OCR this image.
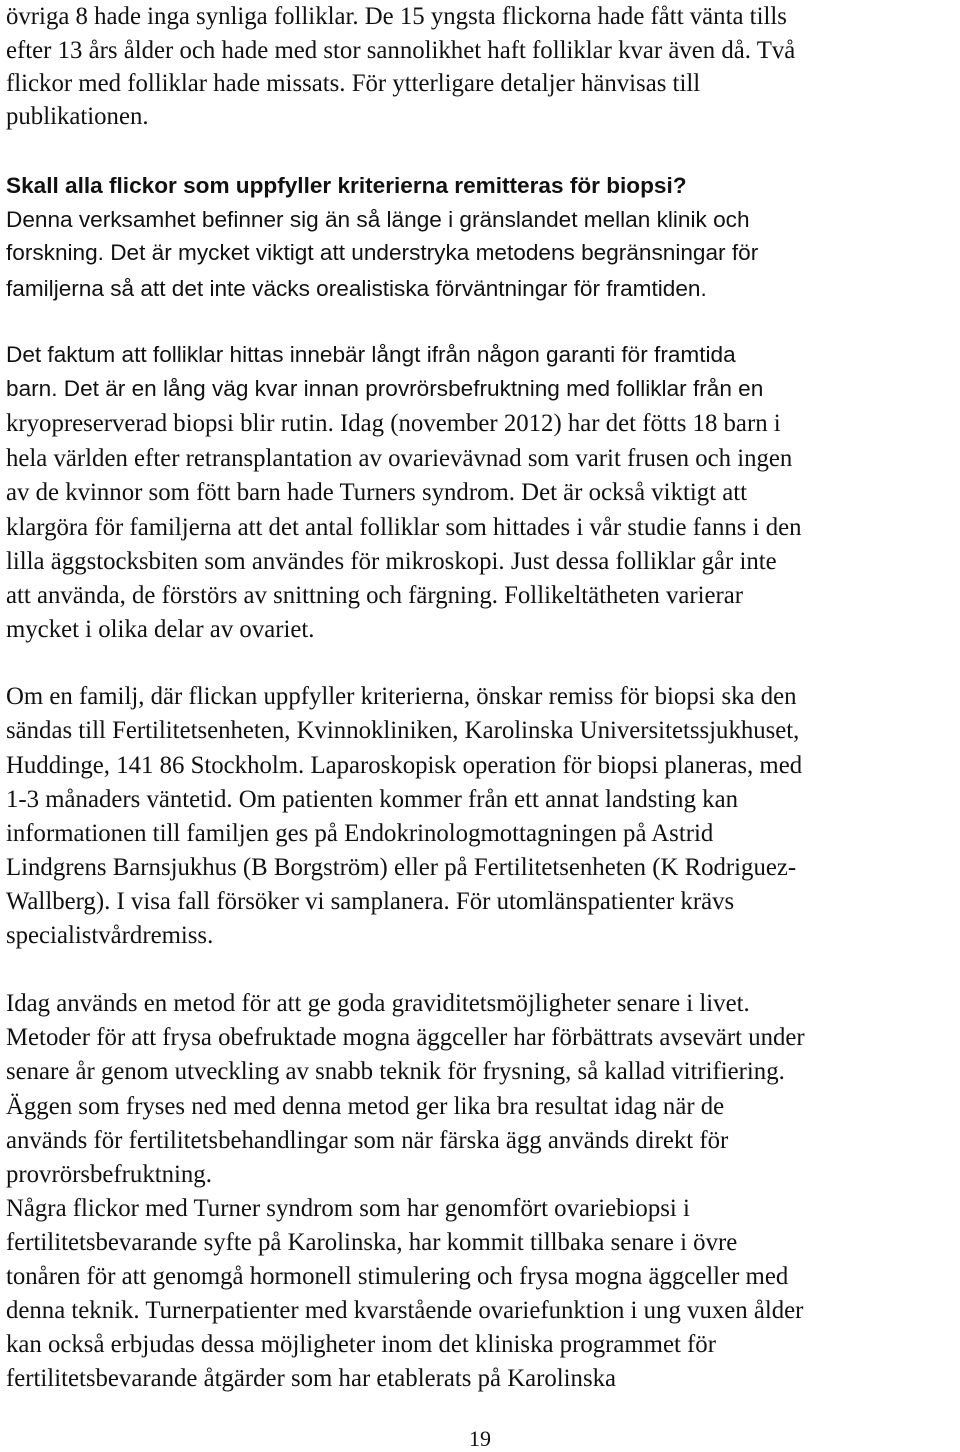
övriga 8 hade inga synliga folliklar. De 15 yngsta flickorna hade fått vänta tills
efter 13 års ålder och hade med stor sannolikhet haft folliklar kvar även då. Två
flickor med folliklar hade missats. För ytterligare detaljer hänvisas till
publikationen.
Skall alla flickor som uppfyller kriterierna remitteras för biopsi?
Denna verksamhet befinner sig än så länge i gränslandet mellan klinik och
forskning. Det är mycket viktigt att understryka metodens begränsningar för
familjerna så att det inte väcks orealistiska förväntningar för framtiden.
Det faktum att folliklar hittas innebär långt ifrån någon garanti för framtida
barn. Det är en lång väg kvar innan provrörsbefruktning med folliklar från en
kryopreserverad biopsi blir rutin. Idag (november 2012) har det fötts 18 barn i
hela världen efter retransplantation av ovarievävnad som varit frusen och ingen
av de kvinnor som fött barn hade Turners syndrom. Det är också viktigt att
klargöra för familjerna att det antal folliklar som hittades i vår studie fanns i den
lilla äggstocksbiten som användes för mikroskopi. Just dessa folliklar går inte
att använda, de förstörs av snittning och färgning. Follikeltätheten varierar
mycket i olika delar av ovariet.
Om en familj, där flickan uppfyller kriterierna, önskar remiss för biopsi ska den
sändas till Fertilitetsenheten, Kvinnokliniken, Karolinska Universitetssjukhuset,
Huddinge, 141 86 Stockholm. Laparoskopisk operation för biopsi planeras, med
1-3 månaders väntetid. Om patienten kommer från ett annat landsting kan
informationen till familjen ges på Endokrinologmottagningen på Astrid
Lindgrens Barnsjukhus (B Borgström) eller på Fertilitetsenheten (K Rodriguez-
Wallberg). I visa fall försöker vi samplanera. För utomlänspatienter krävs
specialistvårdremiss.
Idag används en metod för att ge goda graviditetsmöjligheter senare i livet.
Metoder för att frysa obefruktade mogna äggceller har förbättrats avsevärt under
senare år genom utveckling av snabb teknik för frysning, så kallad vitrifiering.
Äggen som fryses ned med denna metod ger lika bra resultat idag när de
används för fertilitetsbehandlingar som när färska ägg används direkt för
provrörsbefruktning.
Några flickor med Turner syndrom som har genomfört ovariebiopsi i
fertilitetsbevarande syfte på Karolinska, har kommit tillbaka senare i övre
tonåren för att genomgå hormonell stimulering och frysa mogna äggceller med
denna teknik. Turnerpatienter med kvarstående ovariefunktion i ung vuxen ålder
kan också erbjudas dessa möjligheter inom det kliniska programmet för
fertilitetsbevarande åtgärder som har etablerats på Karolinska
19
